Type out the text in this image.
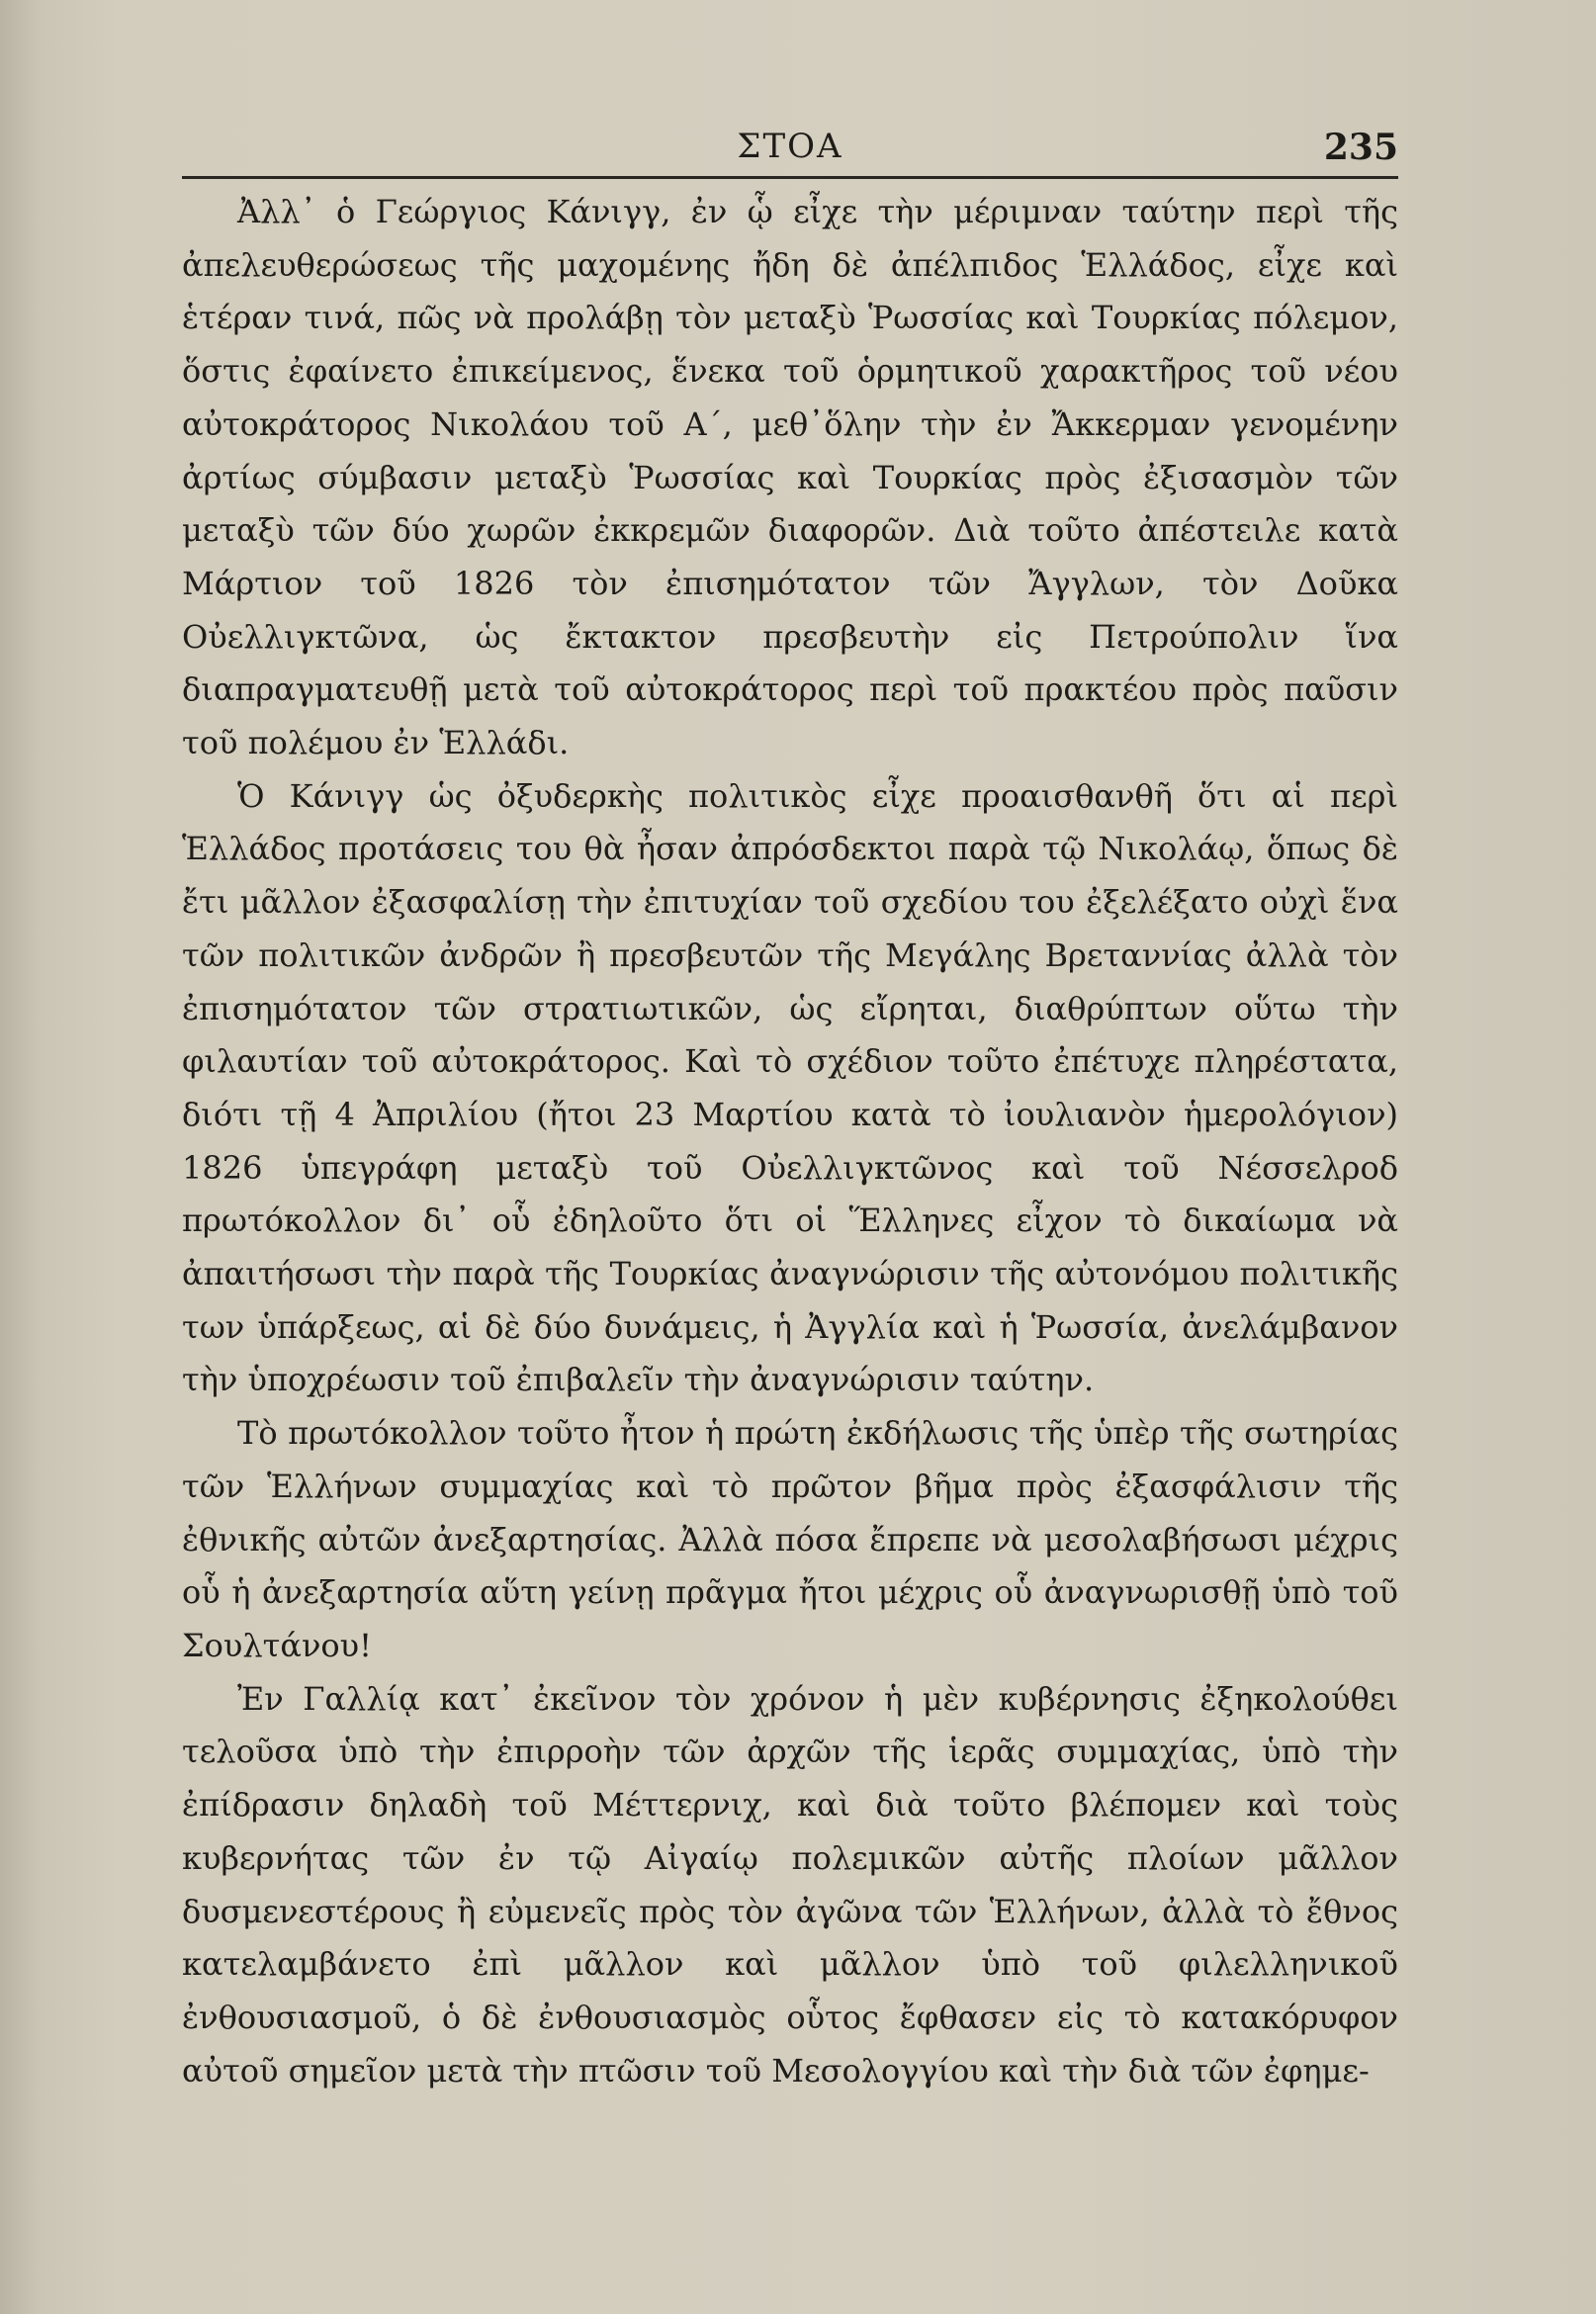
ΣΤΟΑ	235

Ἀλλ᾽ ὁ Γεώργιος Κάνιγγ, ἐν ᾧ εἶχε τὴν μέριμναν ταύτην περὶ τῆς ἀπελευθερώσεως τῆς μαχομένης ἤδη δὲ ἀπέλπιδος Ἑλλάδος, εἶχε καὶ ἑτέραν τινά, πῶς νὰ προλάβῃ τὸν μεταξὺ Ῥωσσίας καὶ Τουρκίας πόλεμον, ὅστις ἐφαίνετο ἐπικείμενος, ἕνεκα τοῦ ὁρμητικοῦ χαρακτῆρος τοῦ νέου αὐτοκράτορος Νικολάου τοῦ Α΄, μεθ᾽ὅλην τὴν ἐν Ἄκκερμαν γενομένην ἀρτίως σύμβασιν μεταξὺ Ῥωσσίας καὶ Τουρκίας πρὸς ἐξισασμὸν τῶν μεταξὺ τῶν δύο χωρῶν ἐκκρεμῶν διαφορῶν. Διὰ τοῦτο ἀπέστειλε κατὰ Μάρτιον τοῦ 1826 τὸν ἐπισημότατον τῶν Ἄγγλων, τὸν Δοῦκα Οὐελλιγκτῶνα, ὡς ἔκτακτον πρεσβευτὴν εἰς Πετρούπολιν ἵνα διαπραγματευθῇ μετὰ τοῦ αὐτοκράτορος περὶ τοῦ πρακτέου πρὸς παῦσιν τοῦ πολέμου ἐν Ἑλλάδι.

Ὁ Κάνιγγ ὡς ὀξυδερκὴς πολιτικὸς εἶχε προαισθανθῆ ὅτι αἱ περὶ Ἑλλάδος προτάσεις του θὰ ἦσαν ἀπρόσδεκτοι παρὰ τῷ Νικολάῳ, ὅπως δὲ ἔτι μᾶλλον ἐξασφαλίσῃ τὴν ἐπιτυχίαν τοῦ σχεδίου του ἐξελέξατο οὐχὶ ἕνα τῶν πολιτικῶν ἀνδρῶν ἢ πρεσβευτῶν τῆς Μεγάλης Βρεταννίας ἀλλὰ τὸν ἐπισημότατον τῶν στρατιωτικῶν, ὡς εἴρηται, διαθρύπτων οὕτω τὴν φιλαυτίαν τοῦ αὐτοκράτορος. Καὶ τὸ σχέδιον τοῦτο ἐπέτυχε πληρέστατα, διότι τῇ 4 Ἀπριλίου (ἤτοι 23 Μαρτίου κατὰ τὸ ἰουλιανὸν ἡμερολόγιον) 1826 ὑπεγράφη μεταξὺ τοῦ Οὐελλιγκτῶνος καὶ τοῦ Νέσσελροδ πρωτόκολλον δι᾽ οὗ ἐδηλοῦτο ὅτι οἱ Ἕλληνες εἶχον τὸ δικαίωμα νὰ ἀπαιτήσωσι τὴν παρὰ τῆς Τουρκίας ἀναγνώρισιν τῆς αὐτονόμου πολιτικῆς των ὑπάρξεως, αἱ δὲ δύο δυνάμεις, ἡ Ἀγγλία καὶ ἡ Ῥωσσία, ἀνελάμβανον τὴν ὑποχρέωσιν τοῦ ἐπιβαλεῖν τὴν ἀναγνώρισιν ταύτην.

Τὸ πρωτόκολλον τοῦτο ἦτον ἡ πρώτη ἐκδήλωσις τῆς ὑπὲρ τῆς σωτηρίας τῶν Ἑλλήνων συμμαχίας καὶ τὸ πρῶτον βῆμα πρὸς ἐξασφάλισιν τῆς ἐθνικῆς αὐτῶν ἀνεξαρτησίας. Ἀλλὰ πόσα ἔπρεπε νὰ μεσολαβήσωσι μέχρις οὗ ἡ ἀνεξαρτησία αὕτη γείνῃ πρᾶγμα ἤτοι μέχρις οὗ ἀναγνωρισθῇ ὑπὸ τοῦ Σουλτάνου!

Ἐν Γαλλίᾳ κατ᾽ ἐκεῖνον τὸν χρόνον ἡ μὲν κυβέρνησις ἐξηκολούθει τελοῦσα ὑπὸ τὴν ἐπιρροὴν τῶν ἀρχῶν τῆς ἱερᾶς συμμαχίας, ὑπὸ τὴν ἐπίδρασιν δηλαδὴ τοῦ Μέττερνιχ, καὶ διὰ τοῦτο βλέπομεν καὶ τοὺς κυβερνήτας τῶν ἐν τῷ Αἰγαίῳ πολεμικῶν αὐτῆς πλοίων μᾶλλον δυσμενεστέρους ἢ εὐμενεῖς πρὸς τὸν ἀγῶνα τῶν Ἑλλήνων, ἀλλὰ τὸ ἔθνος κατελαμβάνετο ἐπὶ μᾶλλον καὶ μᾶλλον ὑπὸ τοῦ φιλελληνικοῦ ἐνθουσιασμοῦ, ὁ δὲ ἐνθουσιασμὸς οὗτος ἔφθασεν εἰς τὸ κατακόρυφον αὐτοῦ σημεῖον μετὰ τὴν πτῶσιν τοῦ Μεσολογγίου καὶ τὴν διὰ τῶν ἐφημε-
